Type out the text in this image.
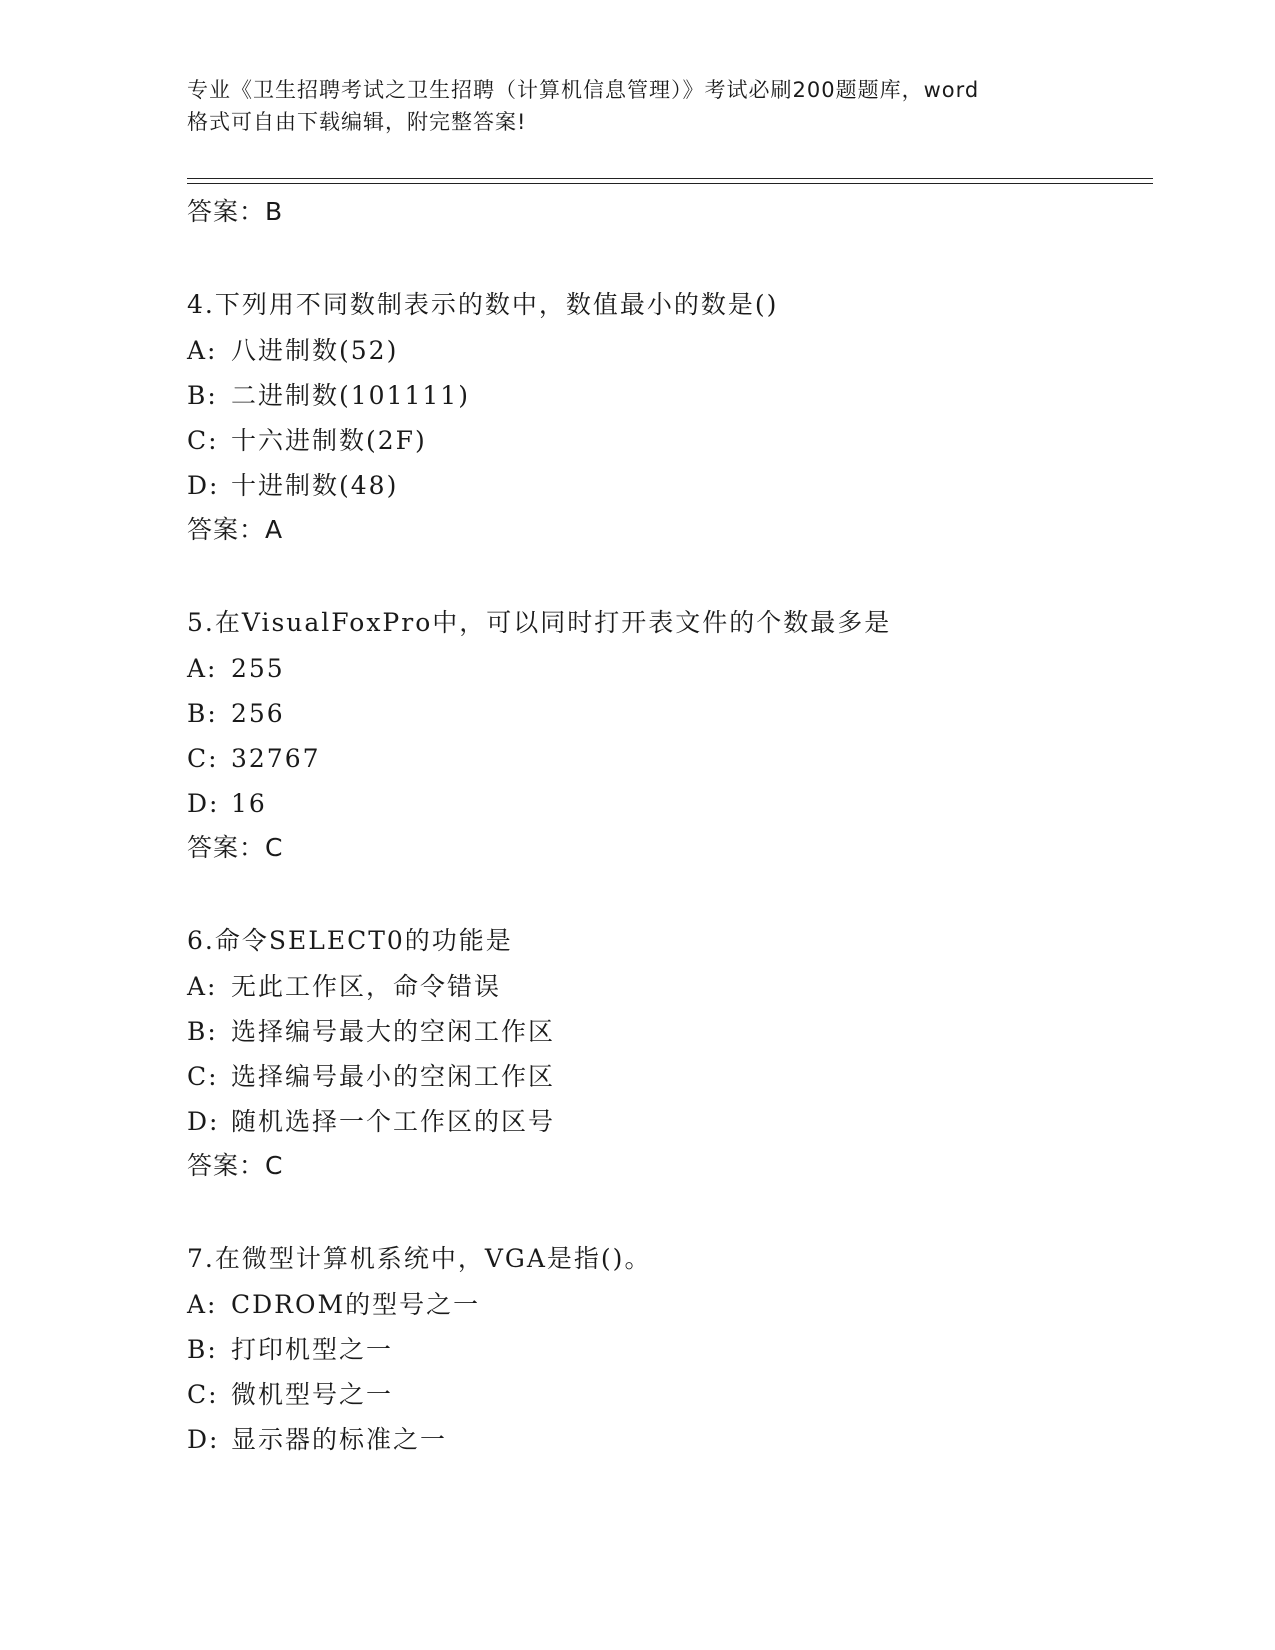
专业《卫生招聘考试之卫生招聘（计算机信息管理）》考试必刷200题题库，word
格式可自由下载编辑，附完整答案!
答案：B
4.下列用不同数制表示的数中，数值最小的数是()
A: 八进制数(52)
B: 二进制数(101111)
C: 十六进制数(2F)
D: 十进制数(48)
答案：A
5.在VisualFoxPro中，可以同时打开表文件的个数最多是
A: 255
B: 256
C: 32767
D: 16
答案：C
6.命令SELECT0的功能是
A: 无此工作区，命令错误
B: 选择编号最大的空闲工作区
C: 选择编号最小的空闲工作区
D: 随机选择一个工作区的区号
答案：C
7.在微型计算机系统中，VGA是指()。
A: CDROM的型号之一
B: 打印机型之一
C: 微机型号之一
D: 显示器的标准之一
